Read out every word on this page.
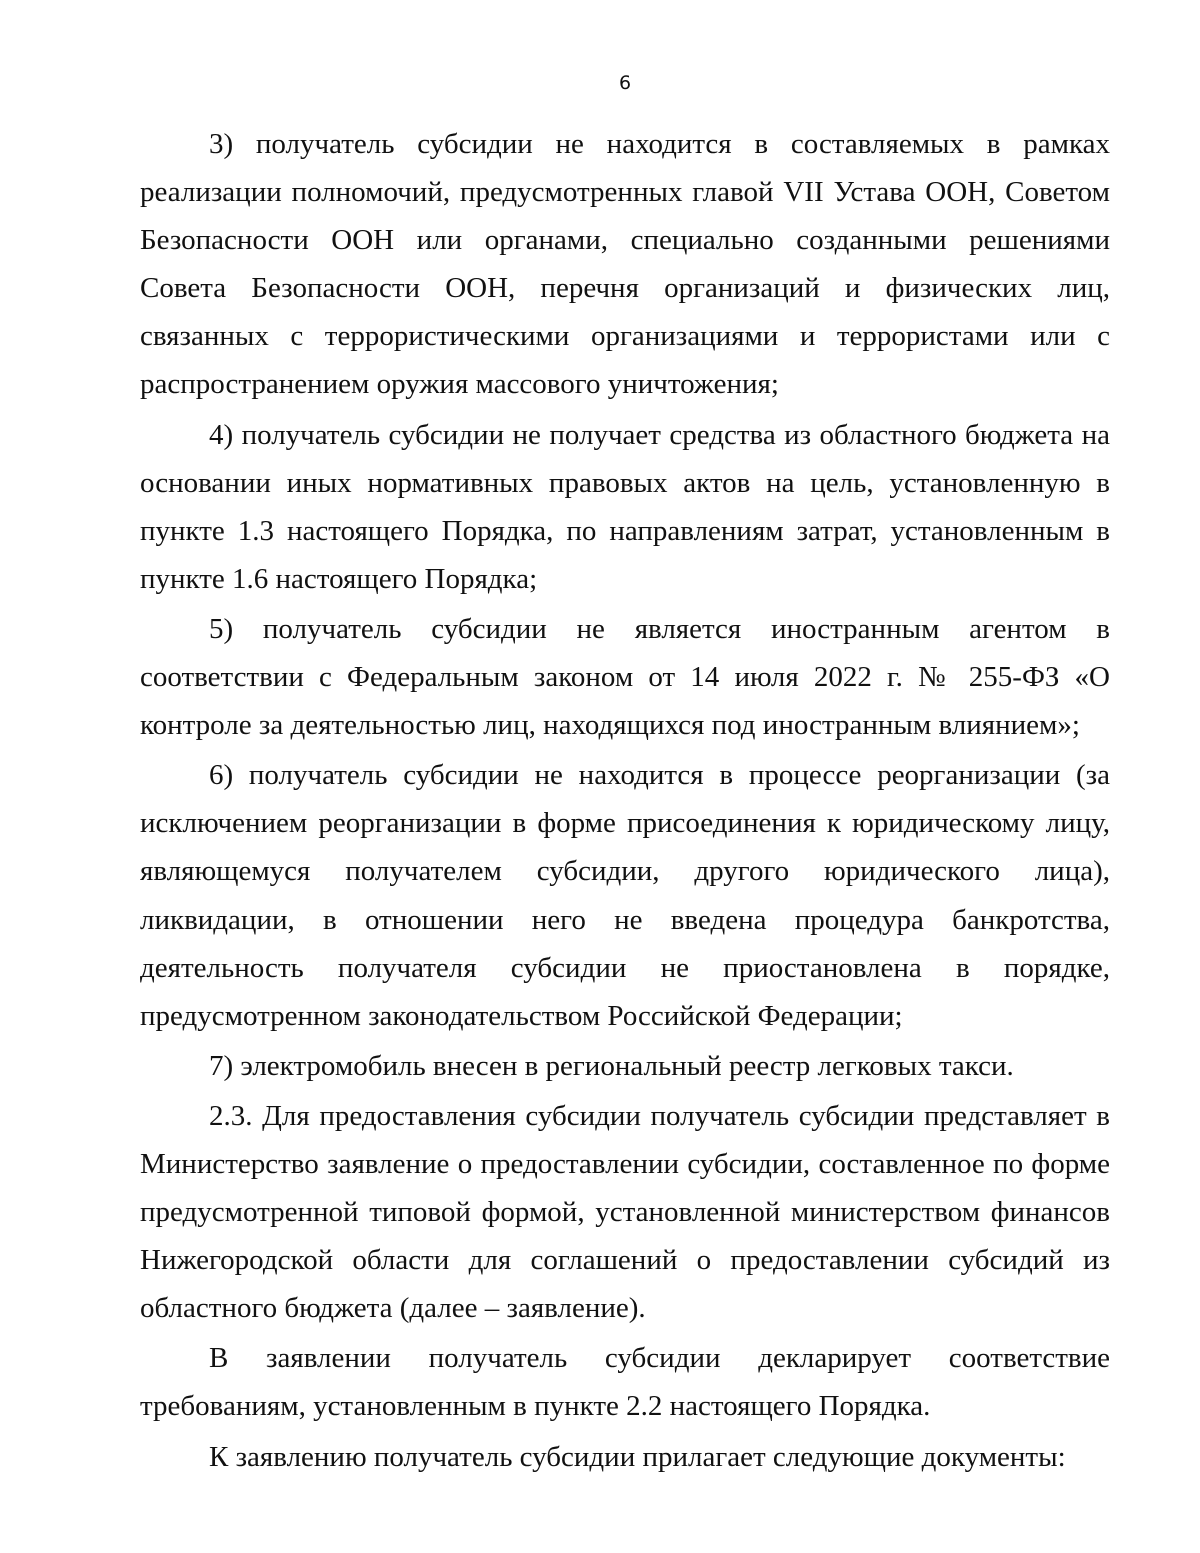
6

3) получатель субсидии не находится в составляемых в рамках реализации полномочий, предусмотренных главой VII Устава ООН, Советом Безопасности ООН или органами, специально созданными решениями Совета Безопасности ООН, перечня организаций и физических лиц, связанных с террористическими организациями и террористами или с распространением оружия массового уничтожения;

4) получатель субсидии не получает средства из областного бюджета на основании иных нормативных правовых актов на цель, установленную в пункте 1.3 настоящего Порядка, по направлениям затрат, установленным в пункте 1.6 настоящего Порядка;

5) получатель субсидии не является иностранным агентом в соответствии с Федеральным законом от 14 июля 2022 г. № 255-ФЗ «О контроле за деятельностью лиц, находящихся под иностранным влиянием»;

6) получатель субсидии не находится в процессе реорганизации (за исключением реорганизации в форме присоединения к юридическому лицу, являющемуся получателем субсидии, другого юридического лица), ликвидации, в отношении него не введена процедура банкротства, деятельность получателя субсидии не приостановлена в порядке, предусмотренном законодательством Российской Федерации;

7) электромобиль внесен в региональный реестр легковых такси.

2.3. Для предоставления субсидии получатель субсидии представляет в Министерство заявление о предоставлении субсидии, составленное по форме предусмотренной типовой формой, установленной министерством финансов Нижегородской области для соглашений о предоставлении субсидий из областного бюджета (далее – заявление).

В заявлении получатель субсидии декларирует соответствие требованиям, установленным в пункте 2.2 настоящего Порядка.

К заявлению получатель субсидии прилагает следующие документы:
